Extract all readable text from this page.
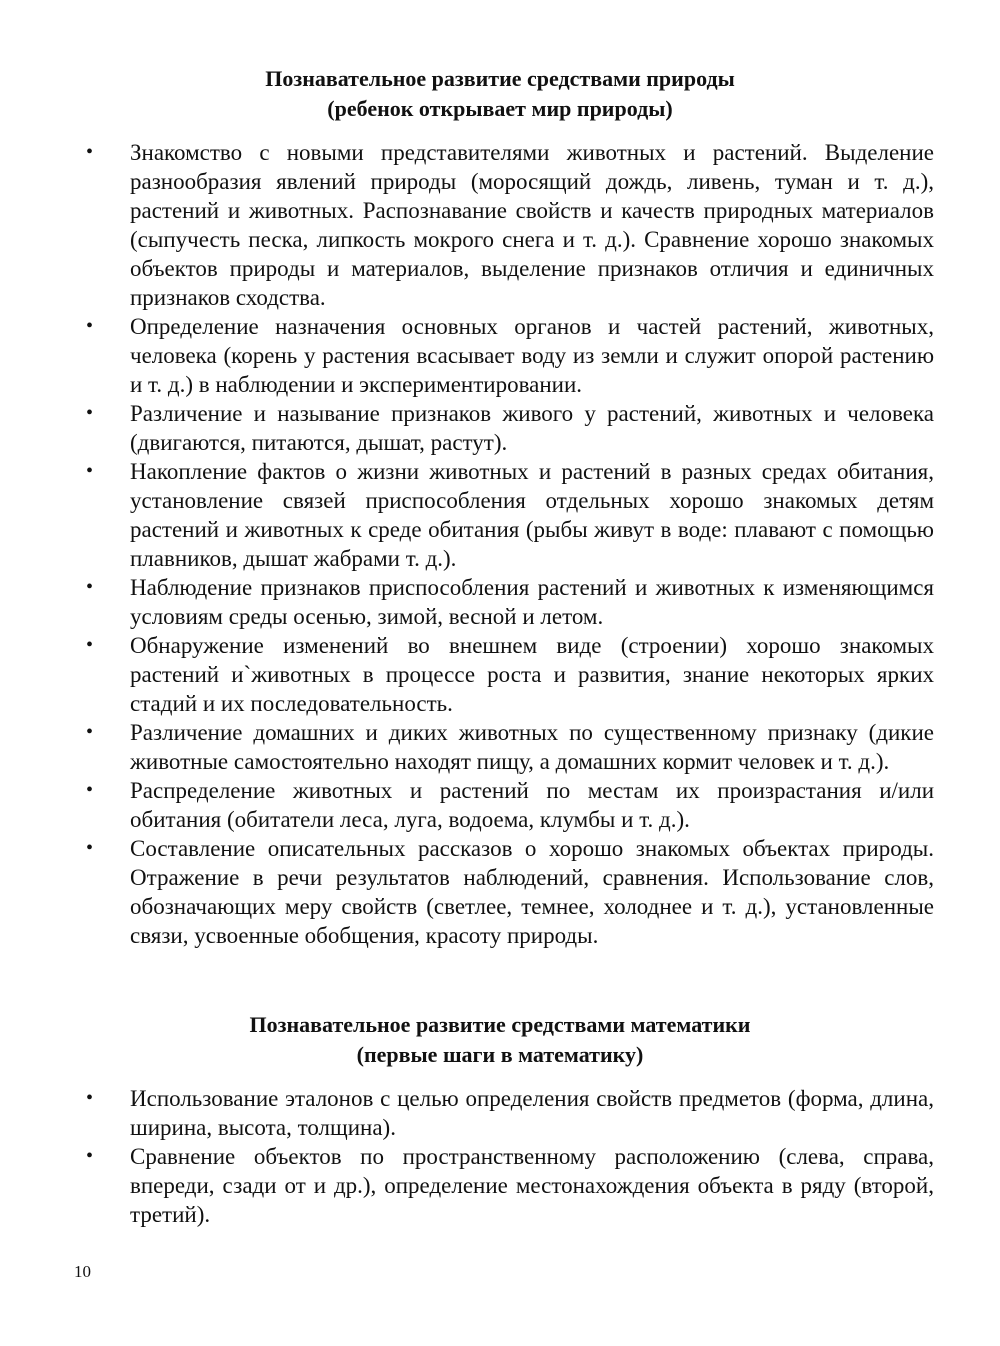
Познавательное развитие средствами природы
(ребенок открывает мир природы)
• Знакомство с новыми представителями животных и растений. Выделение разнообразия явлений природы (моросящий дождь, ливень, туман и т. д.), растений и животных. Распознавание свойств и качеств природных материалов (сыпучесть песка, липкость мокрого снега и т. д.). Сравнение хорошо знакомых объектов природы и материалов, выделение признаков отличия и единичных признаков сходства.
• Определение назначения основных органов и частей растений, животных, человека (корень у растения всасывает воду из земли и служит опорой растению и т. д.) в наблюдении и экспериментировании.
• Различение и называние признаков живого у растений, животных и человека (двигаются, питаются, дышат, растут).
• Накопление фактов о жизни животных и растений в разных средах обитания, установление связей приспособления отдельных хорошо знакомых детям растений и животных к среде обитания (рыбы живут в воде: плавают с помощью плавников, дышат жабрами т. д.).
• Наблюдение признаков приспособления растений и животных к изменяющимся условиям среды осенью, зимой, весной и летом.
• Обнаружение изменений во внешнем виде (строении) хорошо знакомых растений и`животных в процессе роста и развития, знание некоторых ярких стадий и их последовательность.
• Различение домашних и диких животных по существенному признаку (дикие животные самостоятельно находят пищу, а домашних кормит человек и т. д.).
• Распределение животных и растений по местам их произрастания и/или обитания (обитатели леса, луга, водоема, клумбы и т. д.).
• Составление описательных рассказов о хорошо знакомых объектах природы. Отражение в речи результатов наблюдений, сравнения. Использование слов, обозначающих меру свойств (светлее, темнее, холоднее и т. д.), установленные связи, усвоенные обобщения, красоту природы.
Познавательное развитие средствами математики
(первые шаги в математику)
• Использование эталонов с целью определения свойств предметов (форма, длина, ширина, высота, толщина).
• Сравнение объектов по пространственному расположению (слева, справа, впереди, сзади от и др.), определение местонахождения объекта в ряду (второй, третий).
10
